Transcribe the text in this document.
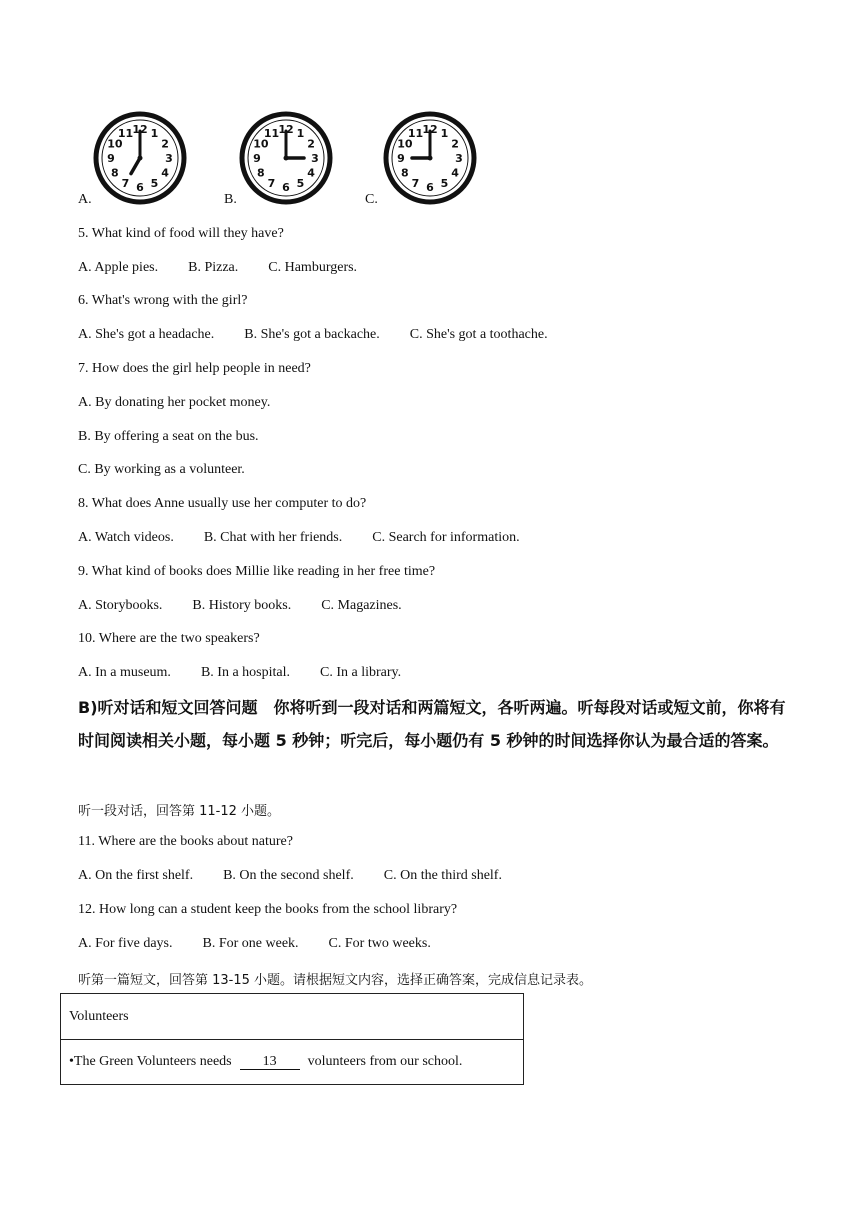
1
2
3
4
5
6
7
8
9
10
11 12	1
2
3
4
5
6
7
8
9
10
11 12	1
2
3
4
5
6
7
8
9
10
11 12
A.	B.	C.
5. What kind of food will they have?
A. Apple pies. B. Pizza. C. Hamburgers.
6. What's wrong with the girl?
A. She's got a headache. B. She's got a backache. C. She's got a toothache.
7. How does the girl help people in need?
A. By donating her pocket money.
B. By offering a seat on the bus.
C. By working as a volunteer.
8. What does Anne usually use her computer to do?
A. Watch videos. B. Chat with her friends. C. Search for information.
9. What kind of books does Millie like reading in her free time?
A. Storybooks. B. History books. C. Magazines.
10. Where are the two speakers?
A. In a museum. B. In a hospital. C. In a library.
B)听对话和短文回答问题　你将听到一段对话和两篇短文，各听两遍。听每段对话或短文前，你将有时间阅读相关小题，每小题 5 秒钟；听完后，每小题仍有 5 秒钟的时间选择你认为最合适的答案。
听一段对话，回答第 11-12 小题。
11. Where are the books about nature?
A. On the first shelf. B. On the second shelf. C. On the third shelf.
12. How long can a student keep the books from the school library?
A. For five days. B. For one week. C. For two weeks.
听第一篇短文，回答第 13-15 小题。请根据短文内容，选择正确答案，完成信息记录表。
Volunteers
•The Green Volunteers needs	13	volunteers from our school.
